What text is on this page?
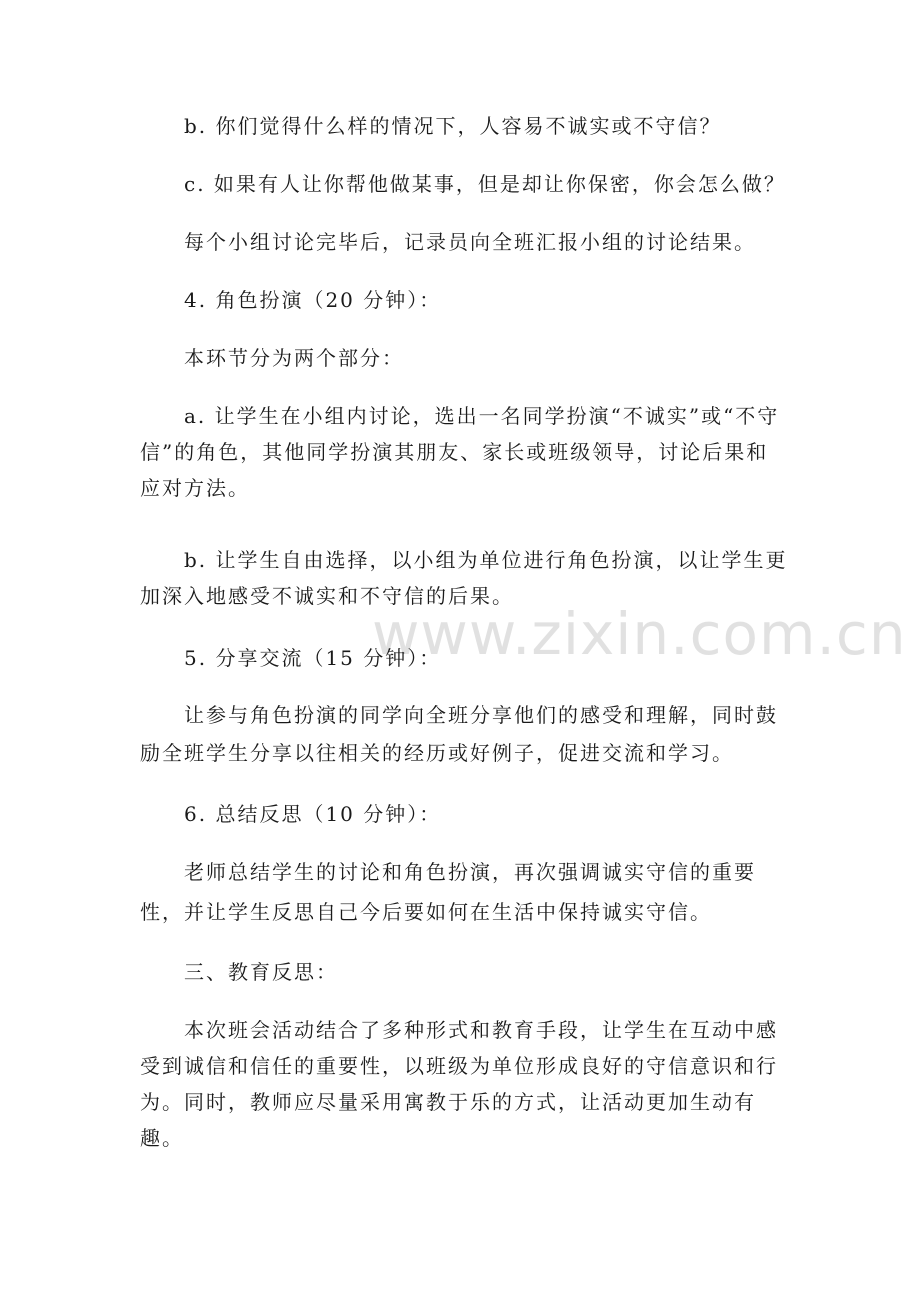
www.zixin.com.cn

b. 你们觉得什么样的情况下，人容易不诚实或不守信？

c. 如果有人让你帮他做某事，但是却让你保密，你会怎么做？

每个小组讨论完毕后，记录员向全班汇报小组的讨论结果。

4. 角色扮演（20 分钟）：

本环节分为两个部分：

a. 让学生在小组内讨论，选出一名同学扮演“不诚实”或“不守信”的角色，其他同学扮演其朋友、家长或班级领导，讨论后果和应对方法。

b. 让学生自由选择，以小组为单位进行角色扮演，以让学生更加深入地感受不诚实和不守信的后果。

5. 分享交流（15 分钟）：

让参与角色扮演的同学向全班分享他们的感受和理解，同时鼓励全班学生分享以往相关的经历或好例子，促进交流和学习。

6. 总结反思（10 分钟）：

老师总结学生的讨论和角色扮演，再次强调诚实守信的重要性，并让学生反思自己今后要如何在生活中保持诚实守信。

三、教育反思：

本次班会活动结合了多种形式和教育手段，让学生在互动中感受到诚信和信任的重要性，以班级为单位形成良好的守信意识和行为。同时，教师应尽量采用寓教于乐的方式，让活动更加生动有趣。
